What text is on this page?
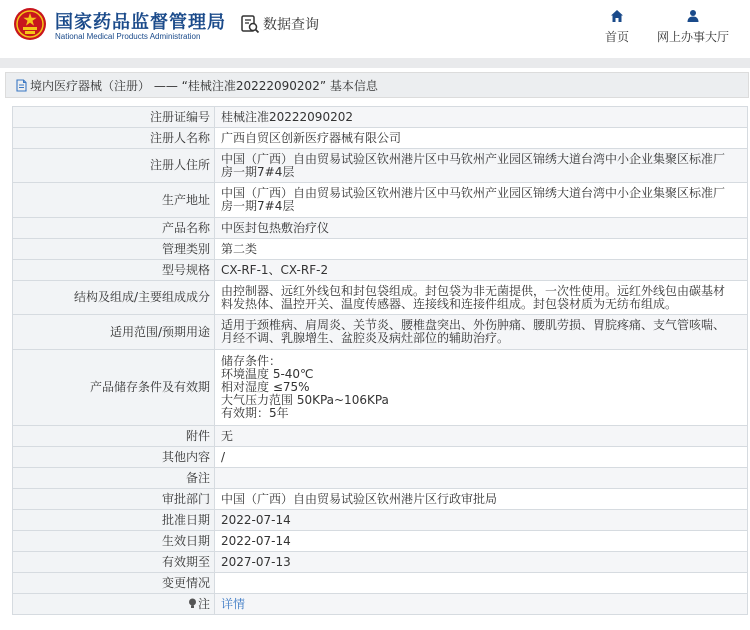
国家药品监督管理局
National Medical Products Administration
数据查询
首页 网上办事大厅
境内医疗器械（注册） —— “桂械注准20222090202” 基本信息
注册证编号	桂械注准20222090202
注册人名称	广西自贸区创新医疗器械有限公司
注册人住所	中国（广西）自由贸易试验区钦州港片区中马钦州产业园区锦绣大道台湾中小企业集聚区标准厂
房一期7#4层
生产地址	中国（广西）自由贸易试验区钦州港片区中马钦州产业园区锦绣大道台湾中小企业集聚区标准厂
房一期7#4层
产品名称	中医封包热敷治疗仪
管理类别	第二类
型号规格	CX-RF-1、CX-RF-2
结构及组成/主要组成成分	由控制器、远红外线包和封包袋组成。封包袋为非无菌提供，一次性使用。远红外线包由碳基材
料发热体、温控开关、温度传感器、连接线和连接件组成。封包袋材质为无纺布组成。
适用范围/预期用途	适用于颈椎病、肩周炎、关节炎、腰椎盘突出、外伤肿痛、腰肌劳损、胃脘疼痛、支气管咳喘、
月经不调、乳腺增生、盆腔炎及病灶部位的辅助治疗。
产品储存条件及有效期	储存条件：
环境温度 5-40℃
相对湿度 ≤75%
大气压力范围 50KPa~106KPa
有效期：5年
附件	无
其他内容	/
备注	
审批部门	中国（广西）自由贸易试验区钦州港片区行政审批局
批准日期	2022-07-14
生效日期	2022-07-14
有效期至	2027-07-13
变更情况	
注	详情
